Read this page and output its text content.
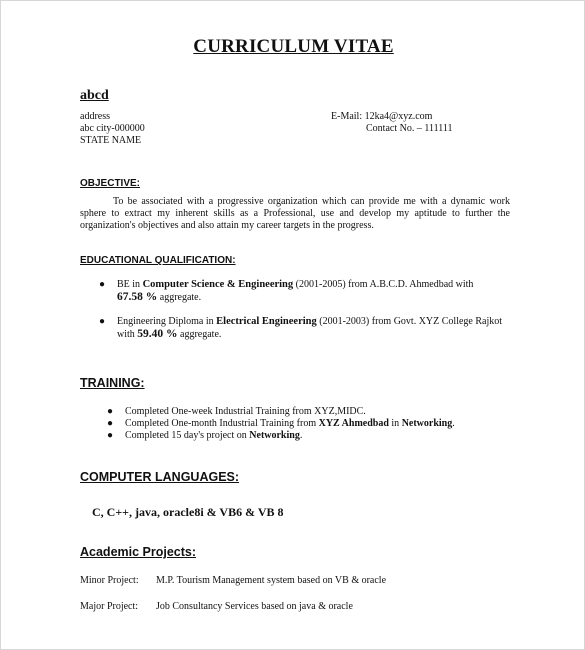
CURRICULUM VITAE
abcd
address
abc city-000000
STATE NAME
E-Mail: 12ka4@xyz.com
Contact No. – 111111
OBJECTIVE:
To be associated with a progressive organization which can provide me with a dynamic work sphere to extract my inherent skills as a Professional, use and develop my aptitude to further the organization's objectives and also attain my career targets in the progress.
EDUCATIONAL QUALIFICATION:
● BE in Computer Science & Engineering (2001-2005) from A.B.C.D. Ahmedbad with
67.58 % aggregate.
● Engineering Diploma in Electrical Engineering (2001-2003) from Govt. XYZ College Rajkot with 59.40 % aggregate.
TRAINING:
● Completed One-week Industrial Training from XYZ,MIDC.
● Completed One-month Industrial Training from XYZ Ahmedbad in Networking.
● Completed 15 day's project on Networking.
COMPUTER LANGUAGES:
C, C++, java, oracle8i & VB6 & VB 8
Academic Projects:
Minor Project: M.P. Tourism Management system based on VB & oracle
Major Project: Job Consultancy Services based on java & oracle
